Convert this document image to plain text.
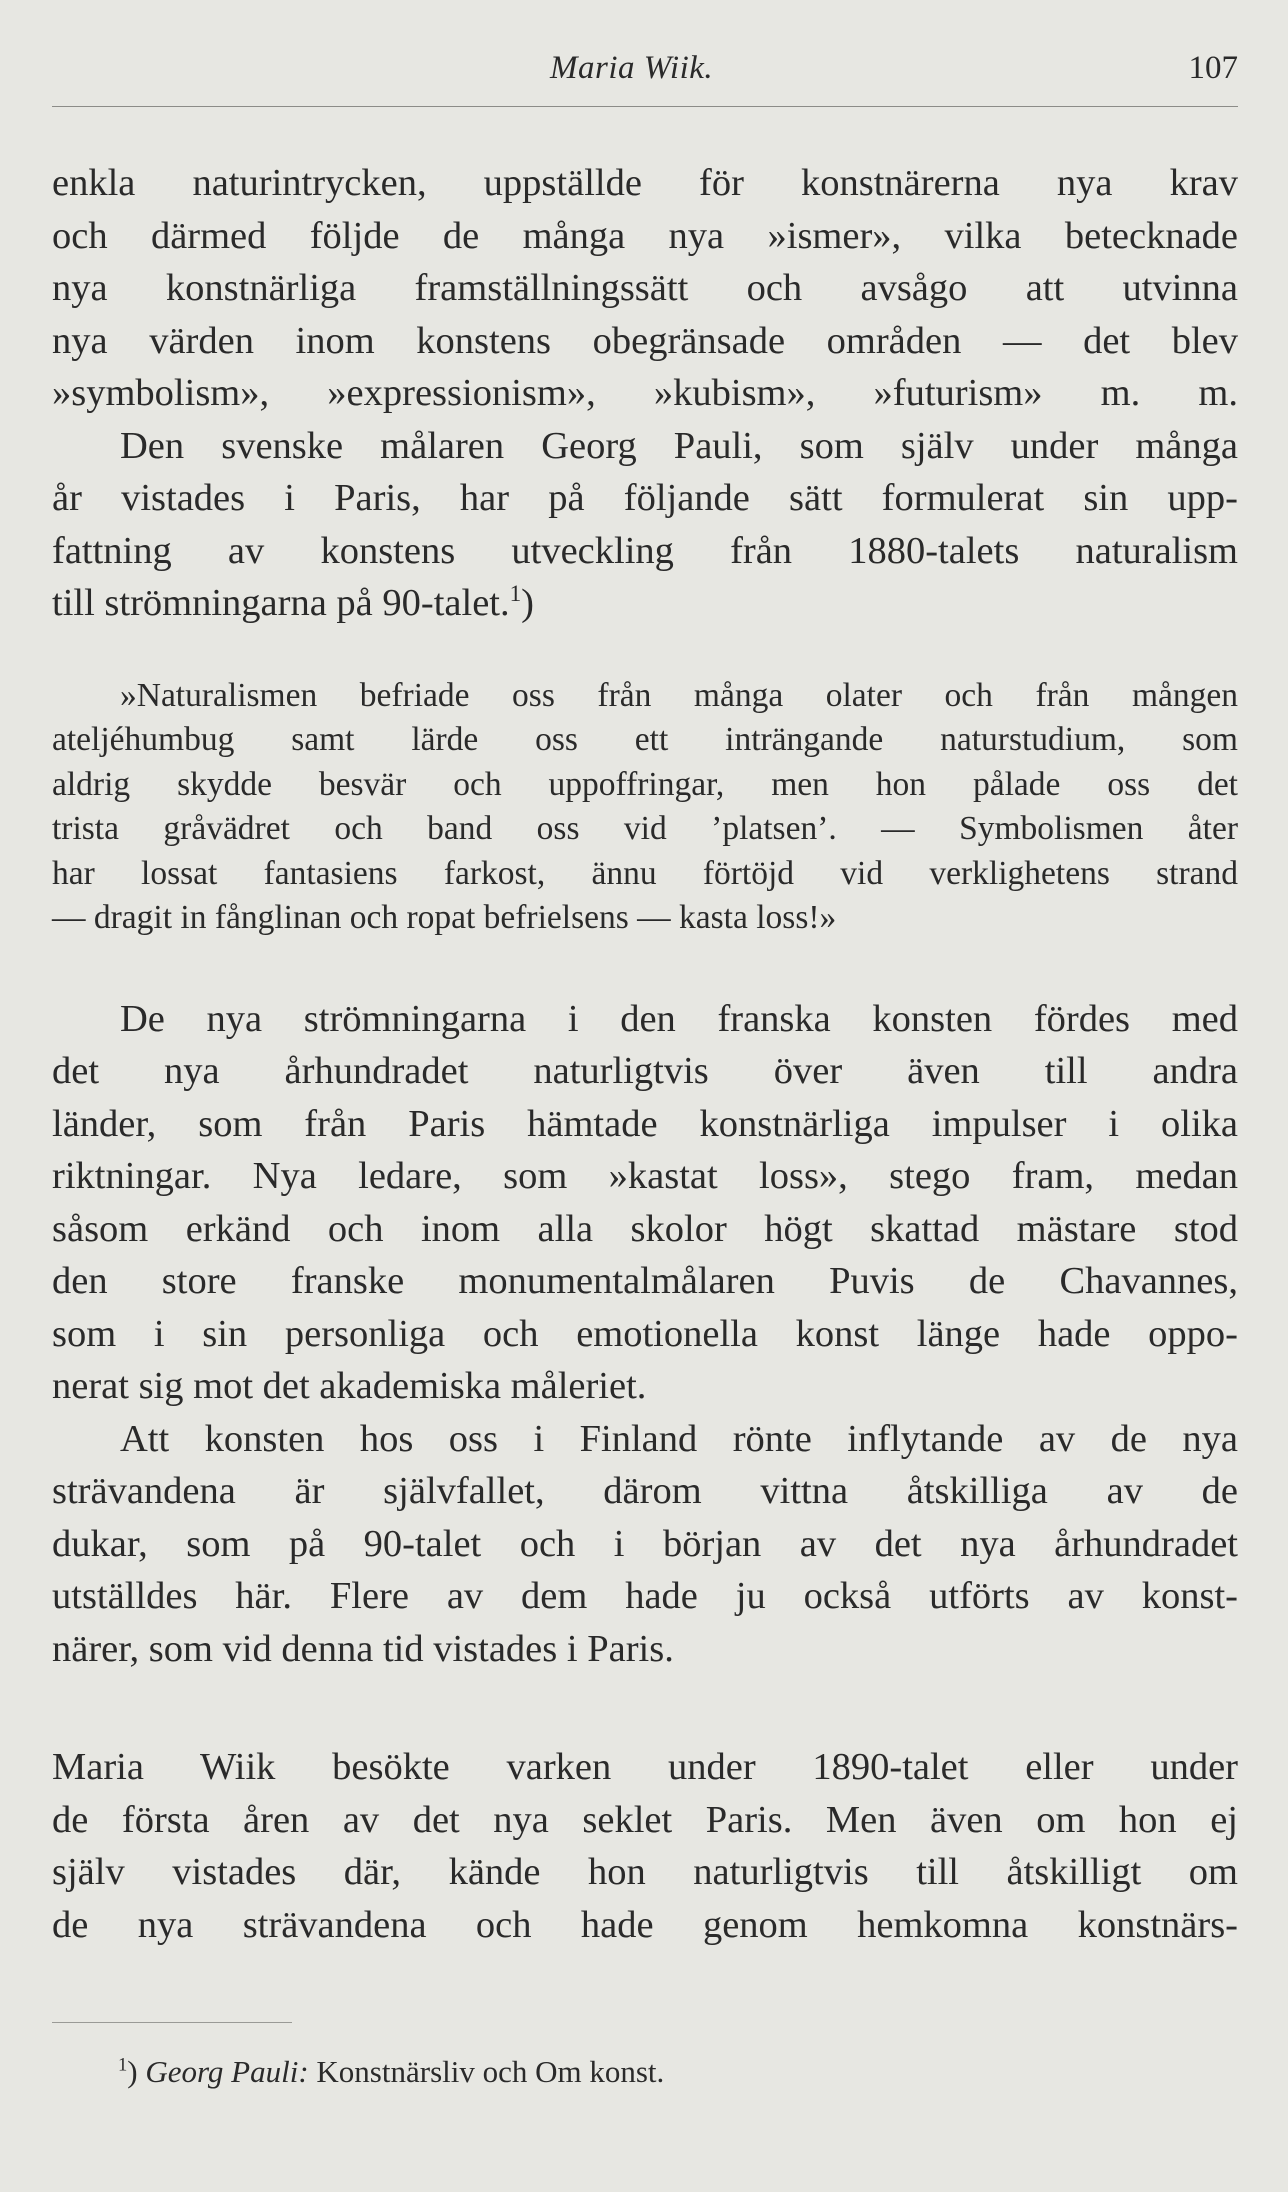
Maria Wiik.	107
enkla naturintrycken, uppställde för konstnärerna nya krav
och därmed följde de många nya »ismer», vilka betecknade
nya konstnärliga framställningssätt och avsågo att utvinna
nya värden inom konstens obegränsade områden — det blev
»symbolism», »expressionism», »kubism», »futurism» m. m.
Den svenske målaren Georg Pauli, som själv under många
år vistades i Paris, har på följande sätt formulerat sin upp-
fattning av konstens utveckling från 1880-talets naturalism
till strömningarna på 90-talet.$^1$)
»Naturalismen befriade oss från många olater och från mången
ateljéhumbug samt lärde oss ett inträngande naturstudium, som
aldrig skydde besvär och uppoffringar, men hon pålade oss det
trista gråvädret och band oss vid ’platsen’. — Symbolismen åter
har lossat fantasiens farkost, ännu förtöjd vid verklighetens strand
— dragit in fånglinan och ropat befrielsens — kasta loss!»
De nya strömningarna i den franska konsten fördes med
det nya århundradet naturligtvis över även till andra
länder, som från Paris hämtade konstnärliga impulser i olika
riktningar. Nya ledare, som »kastat loss», stego fram, medan
såsom erkänd och inom alla skolor högt skattad mästare stod
den store franske monumentalmålaren Puvis de Chavannes,
som i sin personliga och emotionella konst länge hade oppo-
nerat sig mot det akademiska måleriet.
Att konsten hos oss i Finland rönte inflytande av de nya
strävandena är självfallet, därom vittna åtskilliga av de
dukar, som på 90-talet och i början av det nya århundradet
utställdes här. Flere av dem hade ju också utförts av konst-
närer, som vid denna tid vistades i Paris.
Maria Wiik besökte varken under 1890-talet eller under
de första åren av det nya seklet Paris. Men även om hon ej
själv vistades där, kände hon naturligtvis till åtskilligt om
de nya strävandena och hade genom hemkomna konstnärs-
$^1$) Georg Pauli: Konstnärsliv och Om konst.
